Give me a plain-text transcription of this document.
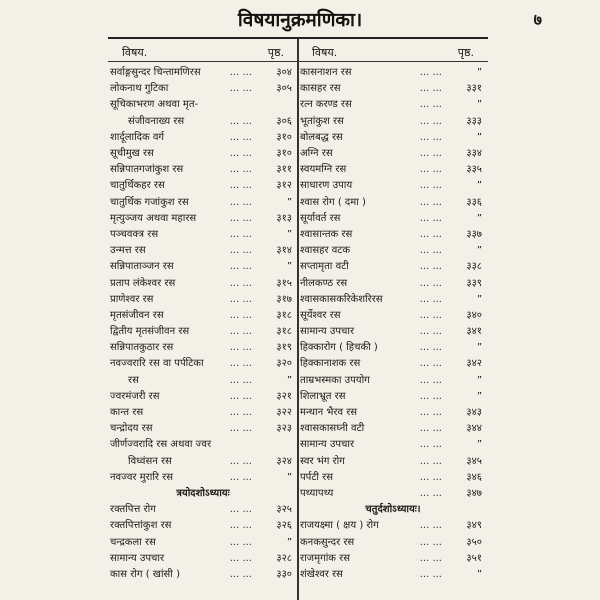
विषयानुक्रमणिका।	७
विषय.	पृष्ठ.
सर्वाङ्गसुन्दर चिन्तामणिरस	... ...	३०४
लोकनाथ गुटिका	... ...	३०५
सूचिकाभरण अथवा मृत-
संजीवनाख्य रस	... ...	३०६
शार्दूलादिक वर्ग	... ...	३१०
सूचीमुख रस	... ...	३१०
सन्निपातगजांकुश रस	... ...	३११
चातुर्थिकहर रस	... ...	३१२
चातुर्थिक गजांकुश रस	... ...	”
मृत्युञ्जय अथवा महारस	... ...	३१३
पञ्चवक्त्र रस	... ...	”
उन्मत्त रस	... ...	३१४
सन्निपाताञ्जन रस	... ...	”
प्रताप लंकेश्वर रस	... ...	३१५
प्राणेश्वर रस	... ...	३१७
मृतसंजीवन रस	... ...	३१८
द्वितीय मृतसंजीवन रस	... ...	३१८
सन्निपातकुठार रस	... ...	३१९
नवज्वरारि रस वा पर्पटिका	... ...	३२०
रस	... ...	”
ज्वरमंजरी रस	... ...	३२१
कान्त रस	... ...	३२२
चन्द्रोदय रस	... ...	३२३
जीर्णज्वरादि रस अथवा ज्वर
विध्वंसन रस	... ...	३२४
नवज्वर मुरारि रस	... ...	”
त्रयोदशोऽध्यायः
रक्तपित्त रोग	... ...	३२५
रक्तपित्तांकुश रस	... ...	३२६
चन्द्रकला रस	... ...	”
सामान्य उपचार	... ...	३२८
कास रोग ( खांसी )	... ...	३३०
विषय.	पृष्ठ.
कासनाशन रस	... ...	”
कासहर रस	... ...	३३१
रत्न करण्ड रस	... ...	”
भूतांकुश रस	... ...	३३३
बोलबद्ध रस	... ...	”
अग्नि रस	... ...	३३४
स्वयमग्नि रस	... ...	३३५
साधारण उपाय	... ...	”
श्वास रोग ( दमा )	... ...	३३६
सूर्यावर्त रस	... ...	”
श्वासान्तक रस	... ...	३३७
श्वासहर वटक	... ...	”
सप्तामृता वटी	... ...	३३८
नीलकण्ठ रस	... ...	३३९
श्वासकासकरिकेशरिरस	... ...	”
सूर्येश्वर रस	... ...	३४०
सामान्य उपचार	... ...	३४१
हिक्कारोग ( हिचकी )	... ...	”
हिक्कानाशक रस	... ...	३४२
ताम्रभस्मका उपयोग	... ...	”
शिलाभ्रूत रस	... ...	”
मन्थान भैरव रस	... ...	३४३
श्वासकासघ्नी वटी	... ...	३४४
सामान्य उपचार	... ...	”
स्वर भंग रोग	... ...	३४५
पर्पटी रस	... ...	३४६
पथ्यापथ्य	... ...	३४७
चतुर्दशोऽध्यायः।
राजयक्ष्मा ( क्षय ) रोग	... ...	३४९
कनकसुन्दर रस	... ...	३५०
राजमृगांक रस	... ...	३५१
शंखेश्वर रस	... ...	”
